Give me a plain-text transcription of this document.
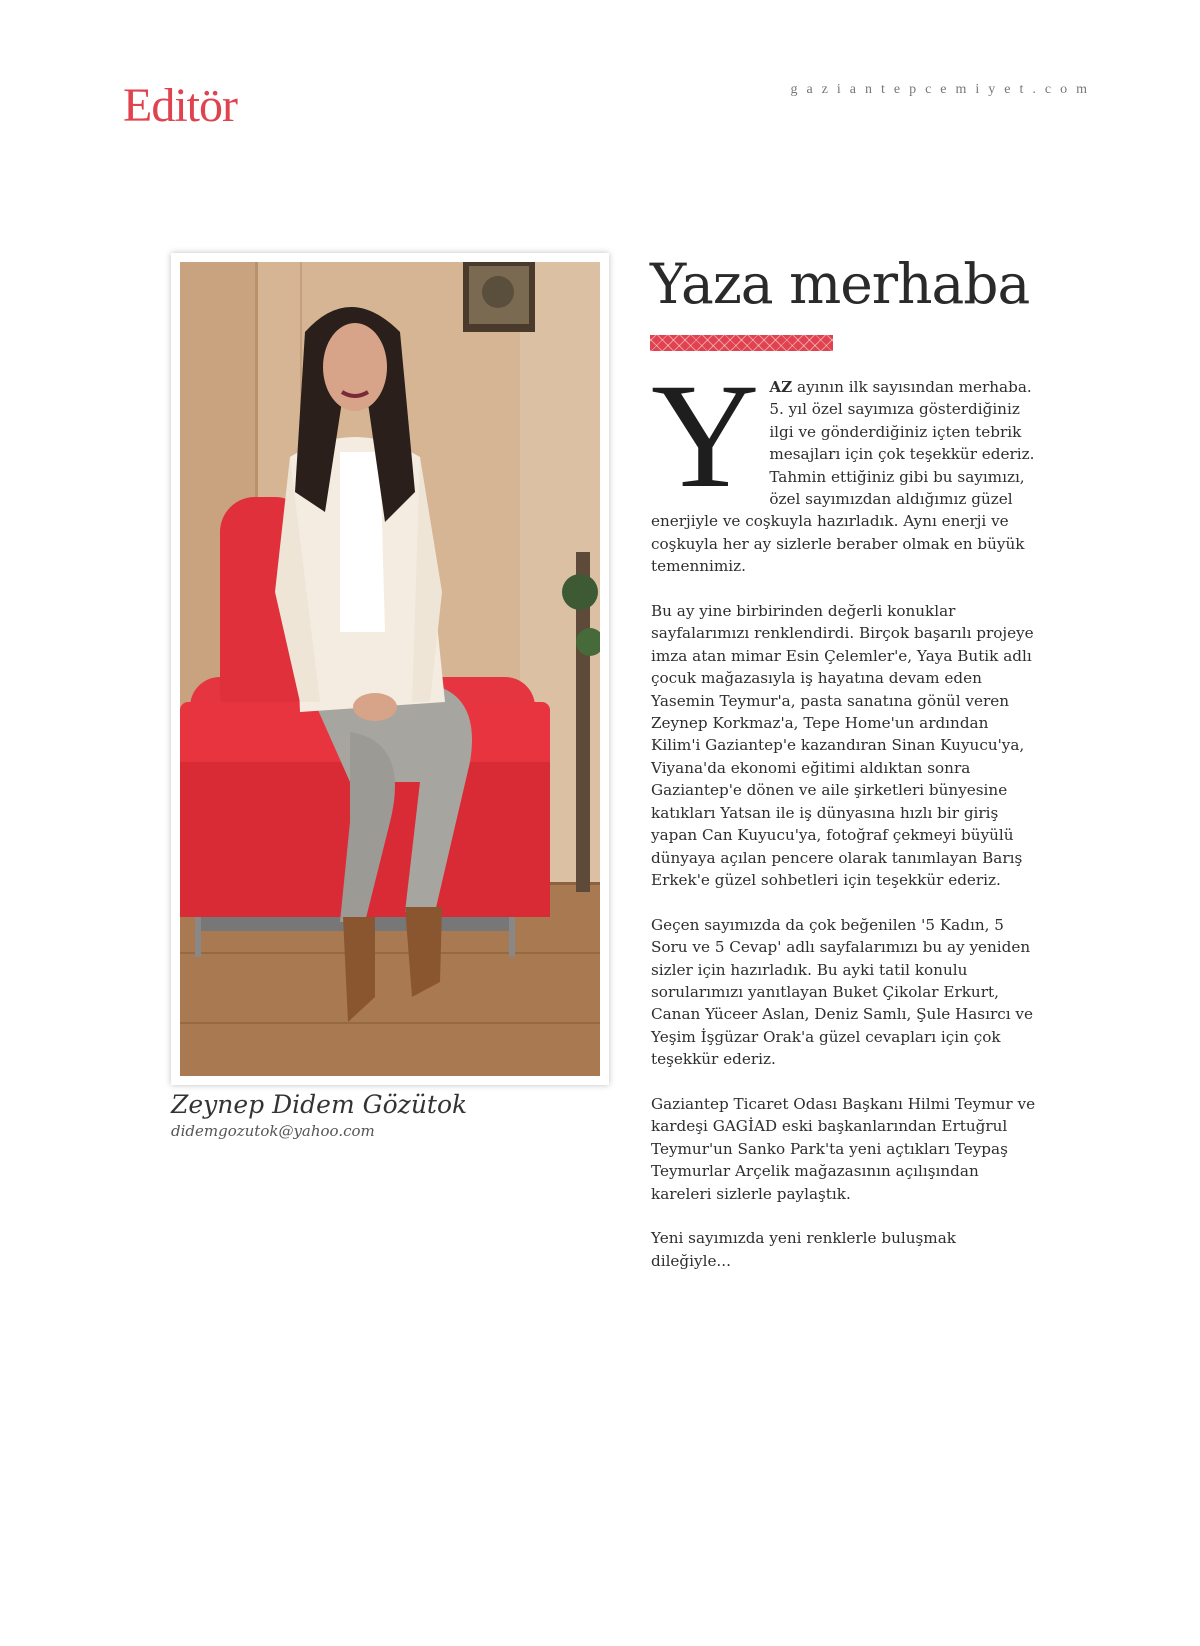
Editör	gaziantepcemiyet.com
Zeynep Didem Gözütok
didemgozutok@yahoo.com
Yaza merhaba

YAZ ayının ilk sayısından merhaba. 5. yıl özel sayımıza gösterdiğiniz ilgi ve gönderdiğiniz içten tebrik mesajları için çok teşekkür ederiz. Tahmin ettiğiniz gibi bu sayımızı, özel sayımızdan aldığımız güzel enerjiyle ve coşkuyla hazırladık. Aynı enerji ve coşkuyla her ay sizlerle beraber olmak en büyük temennimiz.

Bu ay yine birbirinden değerli konuklar sayfalarımızı renklendirdi. Birçok başarılı projeye imza atan mimar Esin Çelemler'e, Yaya Butik adlı çocuk mağazasıyla iş hayatına devam eden Yasemin Teymur'a, pasta sanatına gönül veren Zeynep Korkmaz'a, Tepe Home'un ardından Kilim'i Gaziantep'e kazandıran Sinan Kuyucu'ya, Viyana'da ekonomi eğitimi aldıktan sonra Gaziantep'e dönen ve aile şirketleri bünyesine katıkları Yatsan ile iş dünyasına hızlı bir giriş yapan Can Kuyucu'ya, fotoğraf çekmeyi büyülü dünyaya açılan pencere olarak tanımlayan Barış Erkek'e güzel sohbetleri için teşekkür ederiz.

Geçen sayımızda da çok beğenilen '5 Kadın, 5 Soru ve 5 Cevap' adlı sayfalarımızı bu ay yeniden sizler için hazırladık. Bu ayki tatil konulu sorularımızı yanıtlayan Buket Çikolar Erkurt, Canan Yüceer Aslan, Deniz Samlı, Şule Hasırcı ve Yeşim İşgüzar Orak'a güzel cevapları için çok teşekkür ederiz.

Gaziantep Ticaret Odası Başkanı Hilmi Teymur ve kardeşi GAGİAD eski başkanlarından Ertuğrul Teymur'un Sanko Park'ta yeni açtıkları Teypaş Teymurlar Arçelik mağazasının açılışından kareleri sizlerle paylaştık.

Yeni sayımızda yeni renklerle buluşmak dileğiyle...
